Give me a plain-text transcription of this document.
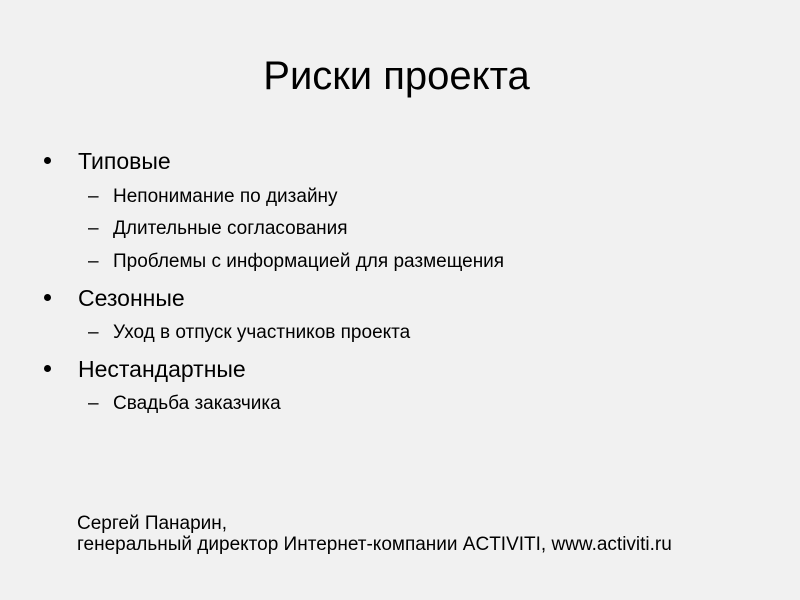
Риски проекта
Типовые
– Непонимание по дизайну
– Длительные согласования
– Проблемы с информацией для размещения
Сезонные
– Уход в отпуск участников проекта
Нестандартные
– Свадьба заказчика
Сергей Панарин,
генеральный директор Интернет-компании ACTIVITI, www.activiti.ru
